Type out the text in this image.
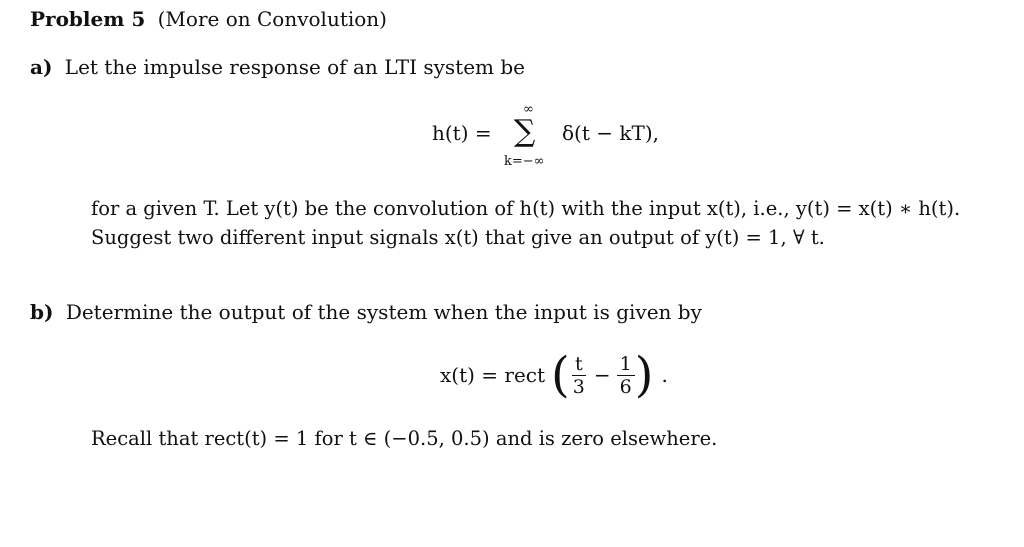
Problem 5 (More on Convolution)
a) Let the impulse response of an LTI system be
h(t) =
∞
∑
k=−∞
δ(t − kT),
for a given T. Let y(t) be the convolution of h(t) with the input x(t), i.e., y(t) = x(t) ∗ h(t).
Suggest two different input signals x(t) that give an output of y(t) = 1, ∀ t.
b) Determine the output of the system when the input is given by
x(t) = rect ( $\frac{t}{3} - \frac{1}{6}$ ) .
Recall that rect(t) = 1 for t ∈ (−0.5, 0.5) and is zero elsewhere.
